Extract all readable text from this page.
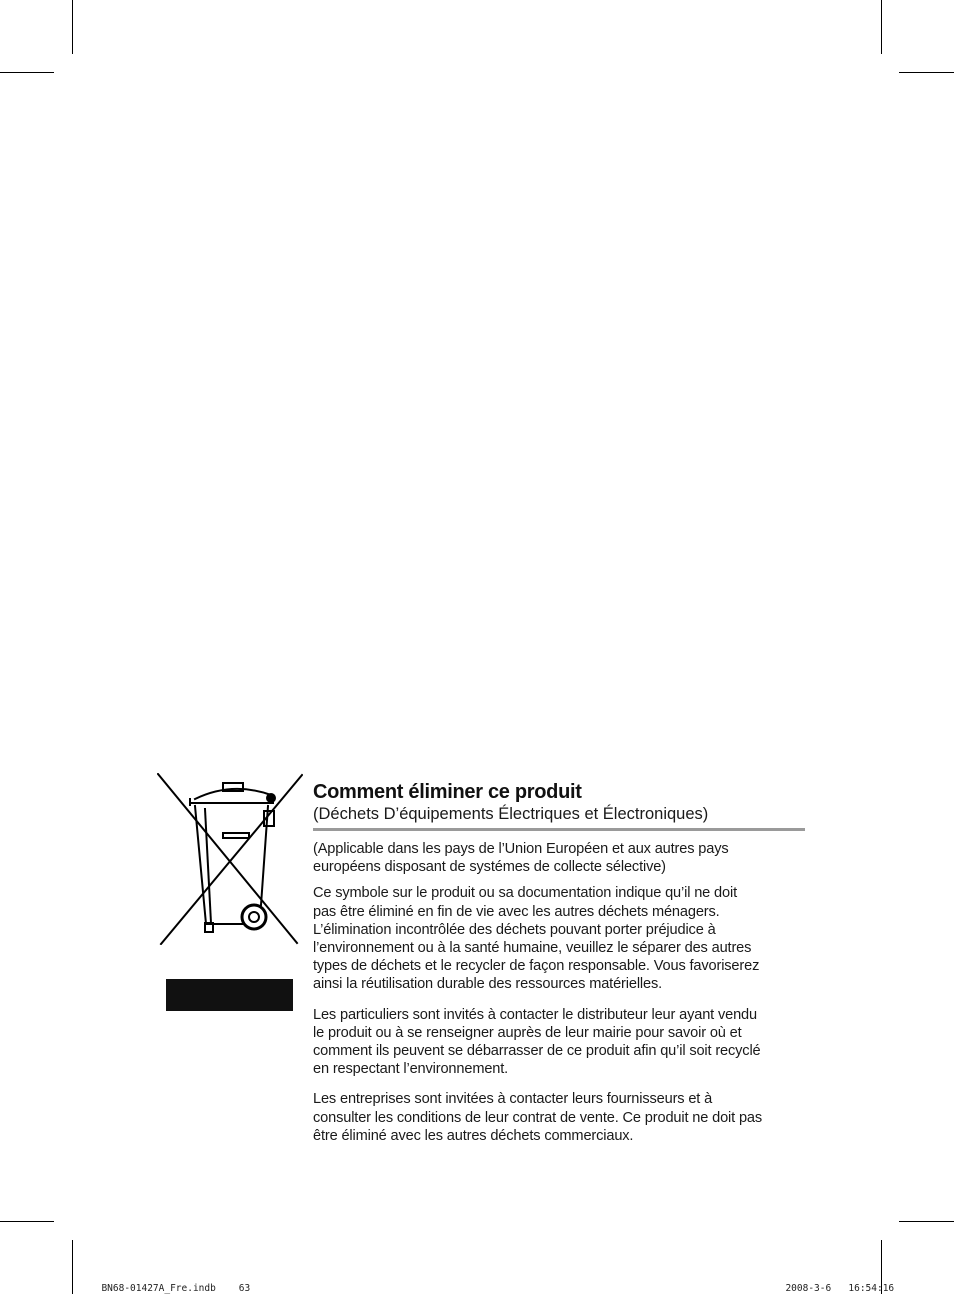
Comment éliminer ce produit

(Déchets D’équipements Électriques et Électroniques)

(Applicable dans les pays de l’Union Européen et aux autres pays
européens disposant de systémes de collecte sélective)

Ce symbole sur le produit ou sa documentation indique qu’il ne doit
pas être éliminé en fin de vie avec les autres déchets ménagers.
L’élimination incontrôlée des déchets pouvant porter préjudice à
l’environnement ou à la santé humaine, veuillez le séparer des autres
types de déchets et le recycler de façon responsable. Vous favoriserez
ainsi la réutilisation durable des ressources matérielles.

Les particuliers sont invités à contacter le distributeur leur ayant vendu
le produit ou à se renseigner auprès de leur mairie pour savoir où et
comment ils peuvent se débarrasser de ce produit afin qu’il soit recyclé
en respectant l’environnement.

Les entreprises sont invitées à contacter leurs fournisseurs et à
consulter les conditions de leur contrat de vente. Ce produit ne doit pas
être éliminé avec les autres déchets commerciaux.

BN68-01427A_Fre.indb 63	2008-3-6 16:54:16
